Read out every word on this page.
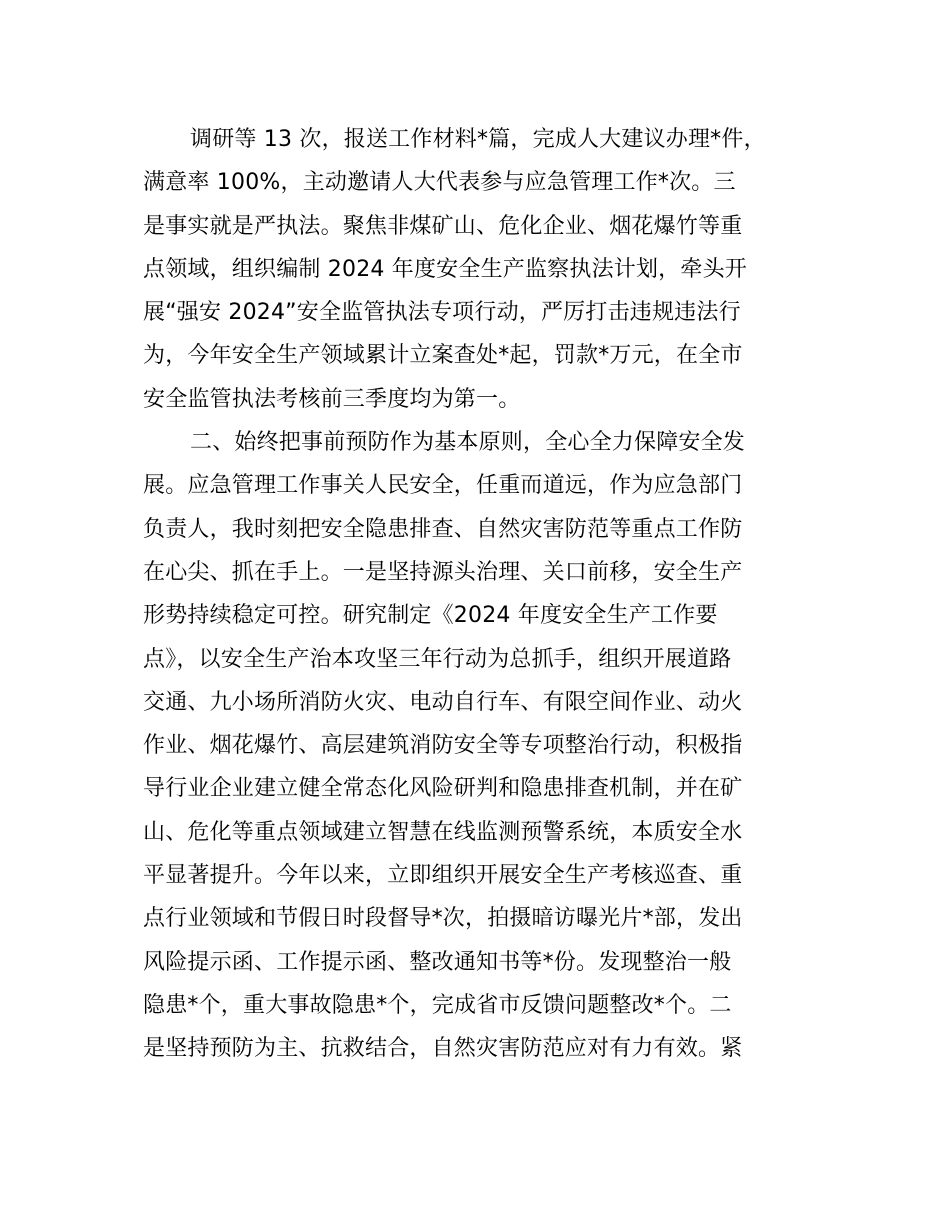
调研等 13 次，报送工作材料*篇，完成人大建议办理*件，
满意率 100%，主动邀请人大代表参与应急管理工作*次。三
是事实就是严执法。聚焦非煤矿山、危化企业、烟花爆竹等重
点领域，组织编制 2024 年度安全生产监察执法计划，牵头开
展“强安 2024”安全监管执法专项行动，严厉打击违规违法行
为，今年安全生产领域累计立案查处*起，罚款*万元，在全市
安全监管执法考核前三季度均为第一。
二、始终把事前预防作为基本原则，全心全力保障安全发
展。应急管理工作事关人民安全，任重而道远，作为应急部门
负责人，我时刻把安全隐患排查、自然灾害防范等重点工作防
在心尖、抓在手上。一是坚持源头治理、关口前移，安全生产
形势持续稳定可控。研究制定《2024 年度安全生产工作要
点》，以安全生产治本攻坚三年行动为总抓手，组织开展道路
交通、九小场所消防火灾、电动自行车、有限空间作业、动火
作业、烟花爆竹、高层建筑消防安全等专项整治行动，积极指
导行业企业建立健全常态化风险研判和隐患排查机制，并在矿
山、危化等重点领域建立智慧在线监测预警系统，本质安全水
平显著提升。今年以来，立即组织开展安全生产考核巡查、重
点行业领域和节假日时段督导*次，拍摄暗访曝光片*部，发出
风险提示函、工作提示函、整改通知书等*份。发现整治一般
隐患*个，重大事故隐患*个，完成省市反馈问题整改*个。二
是坚持预防为主、抗救结合，自然灾害防范应对有力有效。紧
